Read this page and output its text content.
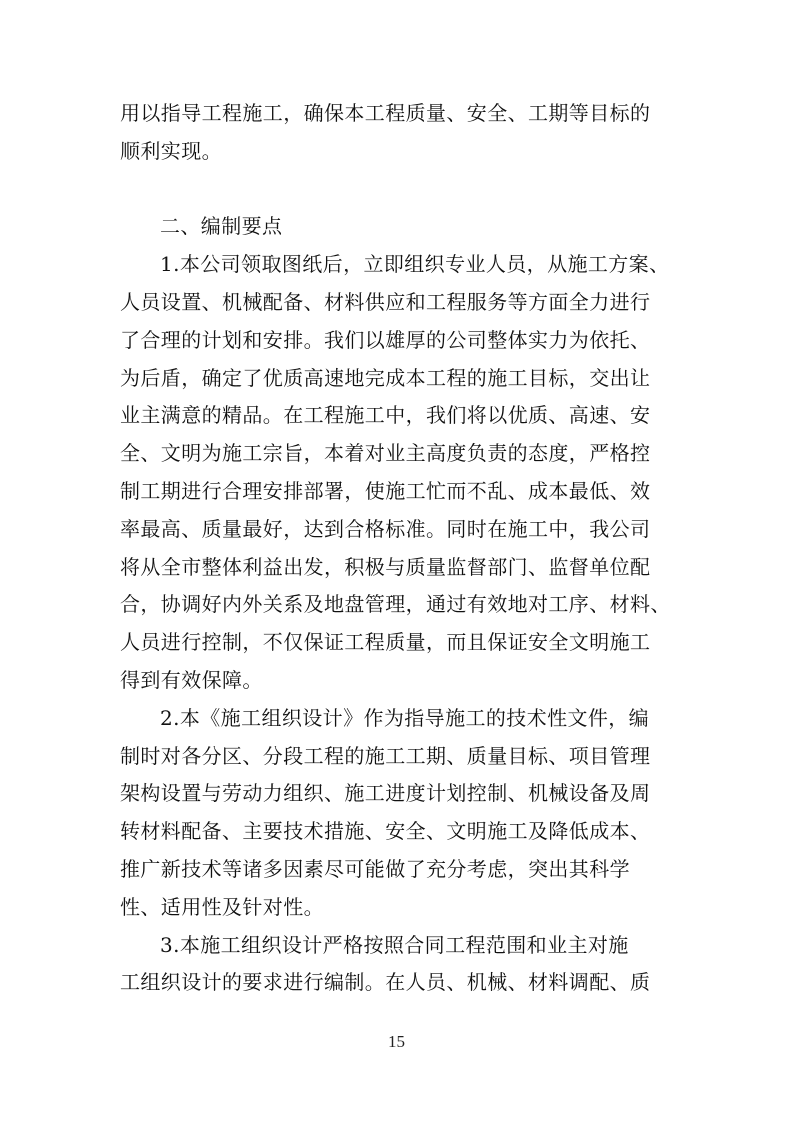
用以指导工程施工，确保本工程质量、安全、工期等目标的
顺利实现。
二、编制要点
1.本公司领取图纸后，立即组织专业人员，从施工方案、
人员设置、机械配备、材料供应和工程服务等方面全力进行
了合理的计划和安排。我们以雄厚的公司整体实力为依托、
为后盾，确定了优质高速地完成本工程的施工目标，交出让
业主满意的精品。在工程施工中，我们将以优质、高速、安
全、文明为施工宗旨，本着对业主高度负责的态度，严格控
制工期进行合理安排部署，使施工忙而不乱、成本最低、效
率最高、质量最好，达到合格标准。同时在施工中，我公司
将从全市整体利益出发，积极与质量监督部门、监督单位配
合，协调好内外关系及地盘管理，通过有效地对工序、材料、
人员进行控制，不仅保证工程质量，而且保证安全文明施工
得到有效保障。
2.本《施工组织设计》作为指导施工的技术性文件，编
制时对各分区、分段工程的施工工期、质量目标、项目管理
架构设置与劳动力组织、施工进度计划控制、机械设备及周
转材料配备、主要技术措施、安全、文明施工及降低成本、
推广新技术等诸多因素尽可能做了充分考虑，突出其科学
性、适用性及针对性。
3.本施工组织设计严格按照合同工程范围和业主对施
工组织设计的要求进行编制。在人员、机械、材料调配、质
15
